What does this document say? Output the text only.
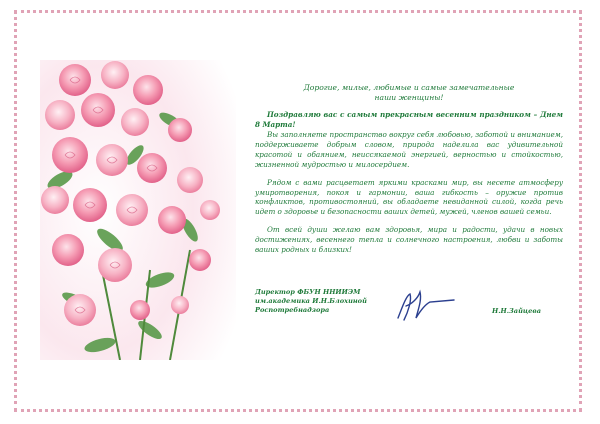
Дорогие, милые, любимые и самые замечательные
наши женщины!

Поздравляю вас с самым прекрасным весенним праздником – Днем 8 Марта!

Вы заполняете пространство вокруг себя любовью, заботой и вниманием, поддерживаете добрым словом, природа наделила вас удивительной красотой и обаянием, неиссякаемой энергией, верностью и стойкостью, жизненной мудростью и милосердием.

Рядом с вами расцветает яркими красками мир, вы несете атмосферу умиротворения, покоя и гармонии, ваша гибкость – оружие против конфликтов, противостояний, вы обладаете невиданной силой, когда речь идет о здоровье и безопасности ваших детей, мужей, членов вашей семьи.

От всей души желаю вам здоровья, мира и радости, удачи в новых достижениях, весеннего тепла и солнечного настроения, любви и заботы ваших родных и близких!

Директор ФБУН ННИИЭМ
им.академика И.Н.Блохиной
Роспотребнадзора	Н.Н.Зайцева
